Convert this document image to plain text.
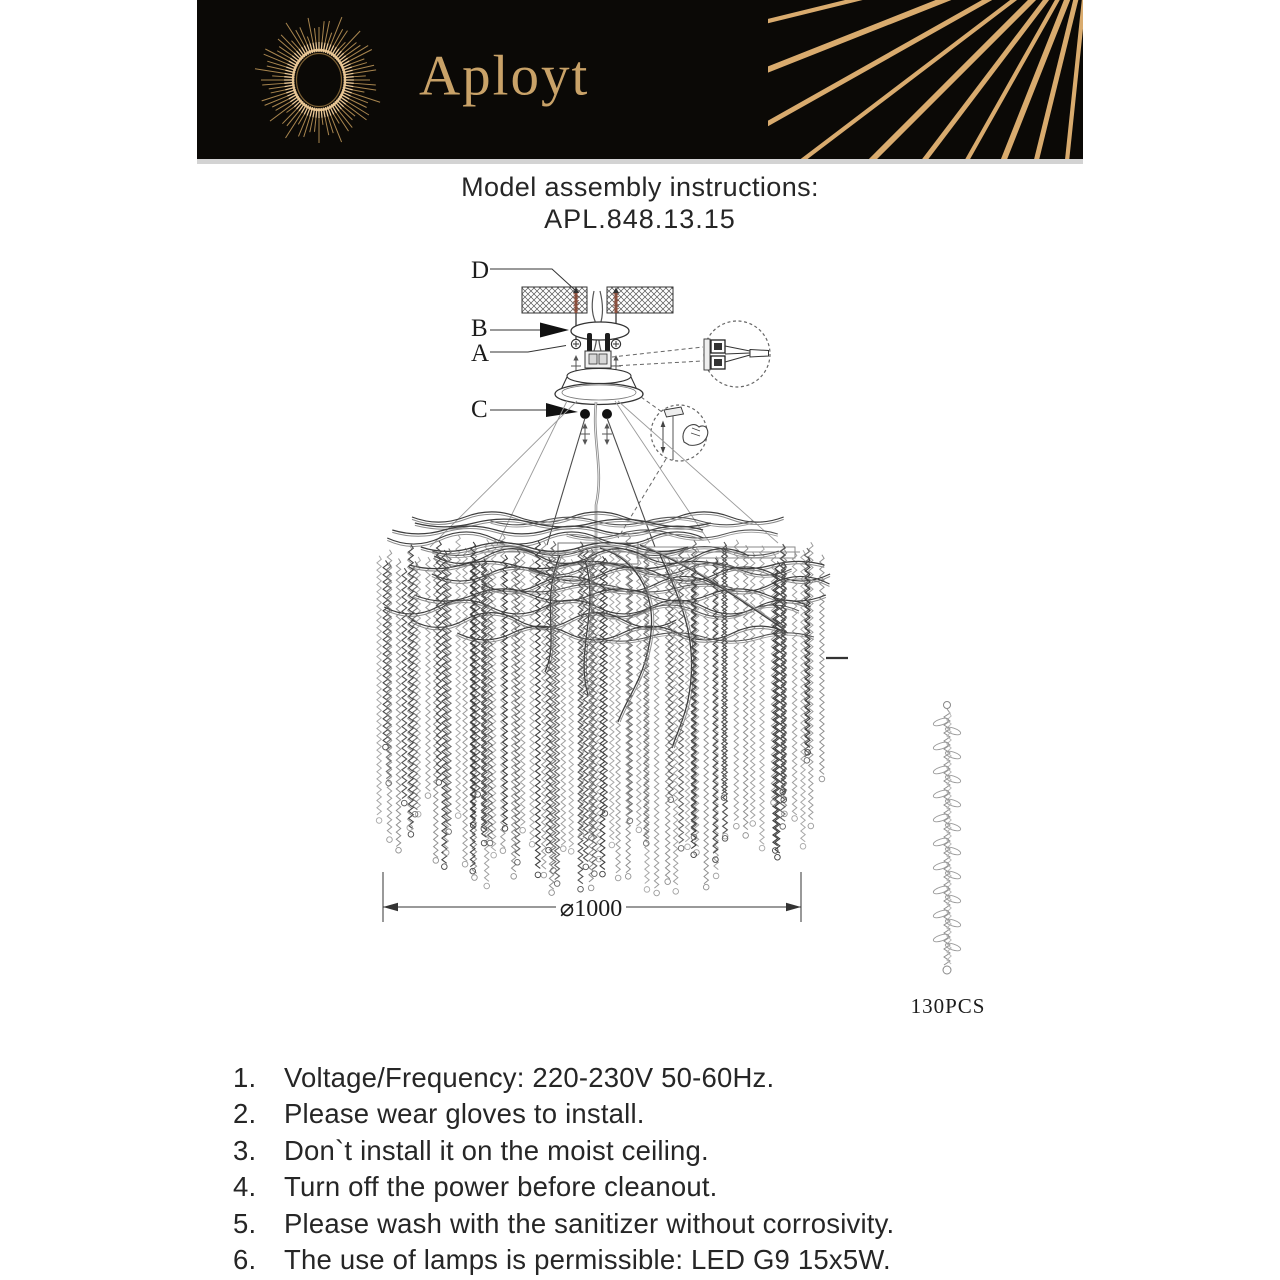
Aployt
Model assembly instructions:
APL.848.13.15
D
B
A
C
⌀1000
130PCS
1.	Voltage/Frequency: 220-230V 50-60Hz.
2.	Please wear gloves to install.
3.	Don`t install it on the moist ceiling.
4.	Turn off the power before cleanout.
5.	Please wash with the sanitizer without corrosivity.
6.	The use of lamps is permissible: LED G9 15x5W.
